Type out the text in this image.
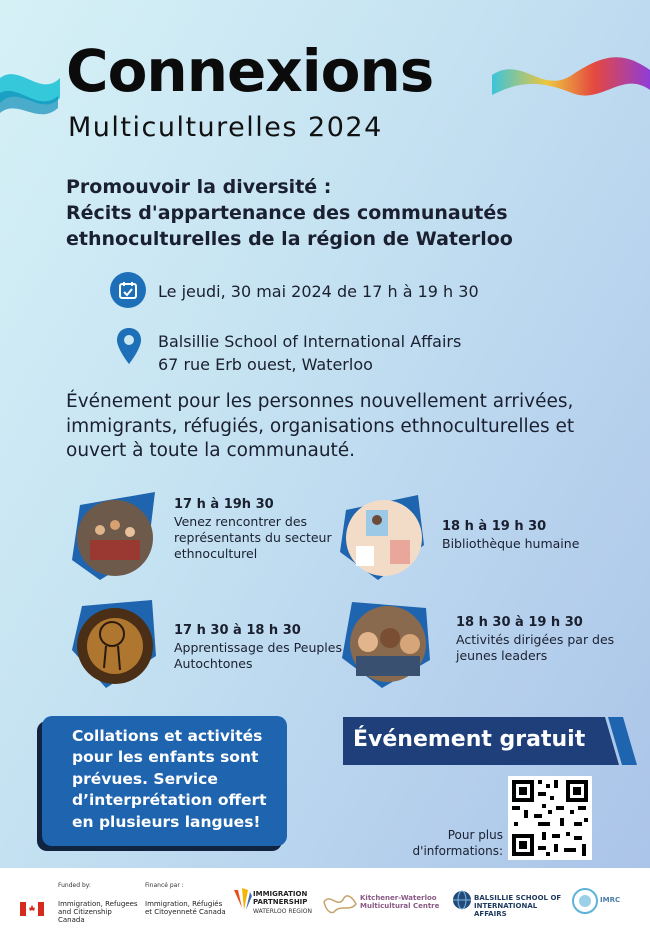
Connexions
Multiculturelles 2024
Promouvoir la diversité :
Récits d'appartenance des communautés ethnoculturelles de la région de Waterloo
Le jeudi, 30 mai 2024 de 17 h à 19 h 30
Balsillie School of International Affairs
67 rue Erb ouest, Waterloo
Événement pour les personnes nouvellement arrivées, immigrants, réfugiés, organisations ethnoculturelles et ouvert à toute la communauté.
17 h à 19h 30
Venez rencontrer des représentants du secteur ethnoculturel
18 h à 19 h 30
Bibliothèque humaine
17 h 30 à 18 h 30
Apprentissage des Peuples Autochtones
18 h 30 à 19 h 30
Activités dirigées par des jeunes leaders
Collations et activités pour les enfants sont prévues. Service d’interprétation offert en plusieurs langues!
Événement gratuit
Pour plus d'informations:
Funded by:	Financé par :
Immigration, Refugees and Citizenship Canada
Immigration, Réfugiés et Citoyenneté Canada
IMMIGRATION PARTNERSHIP
WATERLOO REGION
Kitchener-Waterloo Multicultural Centre
BALSILLIE SCHOOL OF INTERNATIONAL AFFAIRS
IMRC
